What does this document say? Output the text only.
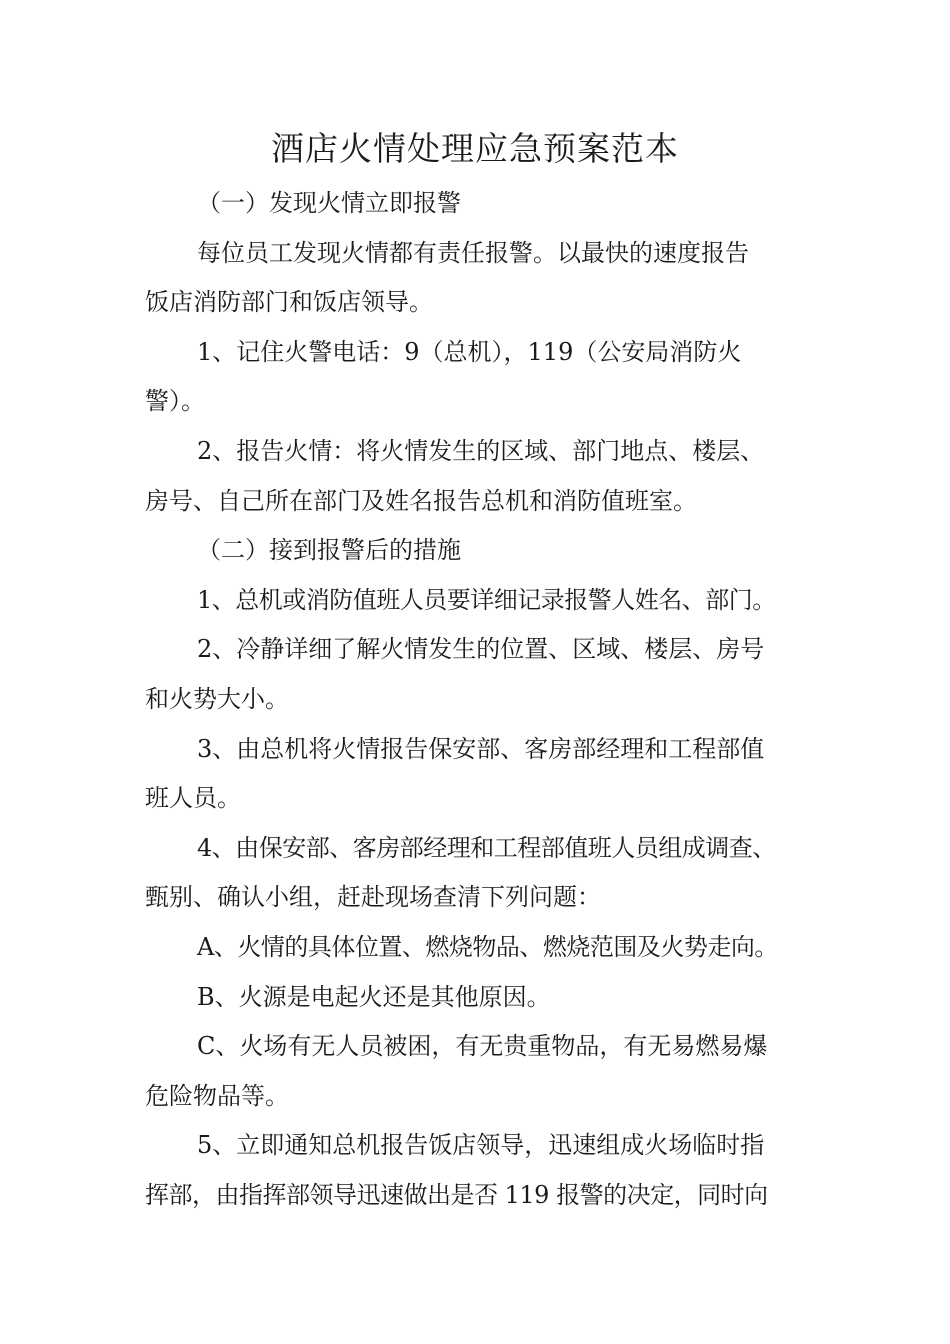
酒店火情处理应急预案范本

（一）发现火情立即报警

每位员工发现火情都有责任报警。以最快的速度报告

饭店消防部门和饭店领导。

1、记住火警电话：9（总机），119（公安局消防火

警）。

2、报告火情：将火情发生的区域、部门地点、楼层、

房号、自己所在部门及姓名报告总机和消防值班室。

（二）接到报警后的措施

1、总机或消防值班人员要详细记录报警人姓名、部门。

2、冷静详细了解火情发生的位置、区域、楼层、房号

和火势大小。

3、由总机将火情报告保安部、客房部经理和工程部值

班人员。

4、由保安部、客房部经理和工程部值班人员组成调查、

甄别、确认小组，赶赴现场查清下列问题：

A、火情的具体位置、燃烧物品、燃烧范围及火势走向。

B、火源是电起火还是其他原因。

C、火场有无人员被困，有无贵重物品，有无易燃易爆

危险物品等。

5、立即通知总机报告饭店领导，迅速组成火场临时指

挥部，由指挥部领导迅速做出是否 119 报警的决定，同时向
